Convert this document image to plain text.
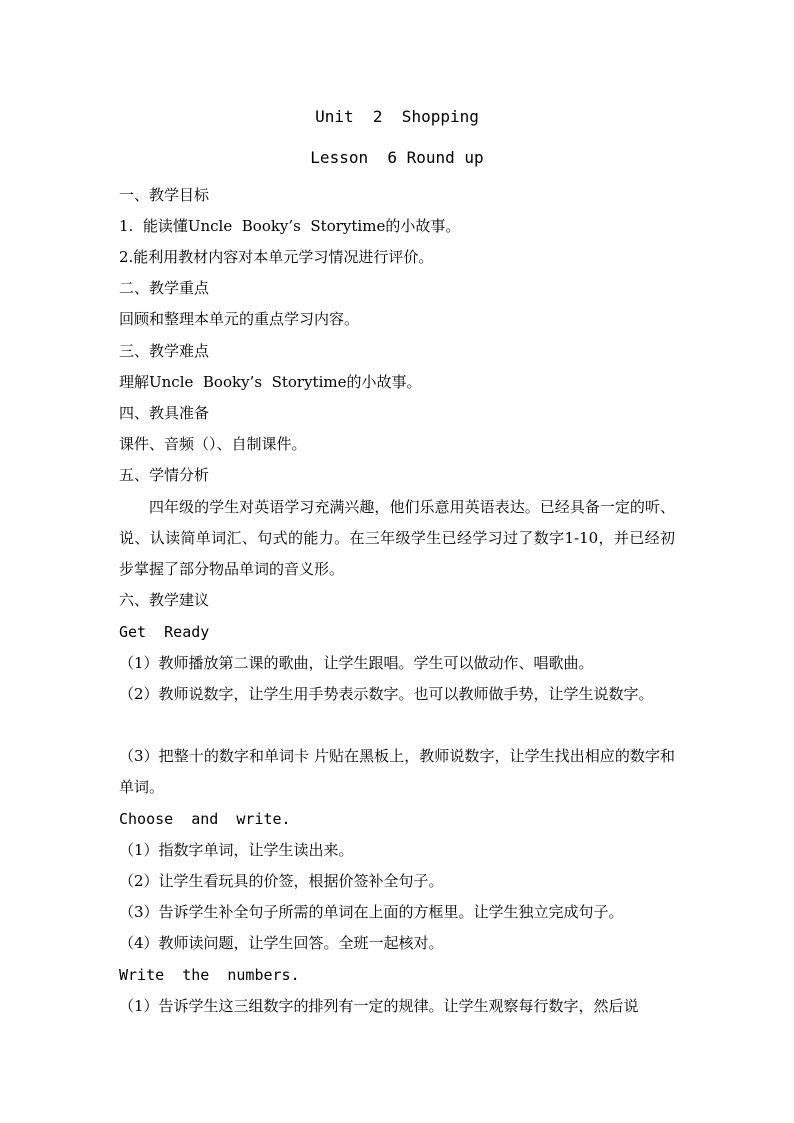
Unit  2  Shopping
Lesson  6 Round up
一、教学目标
1.  能读懂Uncle  Booky’s  Storytime的小故事。
2.能利用教材内容对本单元学习情况进行评价。
二、教学重点
回顾和整理本单元的重点学习内容。
三、教学难点
理解Uncle  Booky’s  Storytime的小故事。
四、教具准备
课件、音频（）、自制课件。
五、学情分析
四年级的学生对英语学习充满兴趣，他们乐意用英语表达。已经具备一定的听、说、认读简单词汇、句式的能力。在三年级学生已经学习过了数字1-10，并已经初步掌握了部分物品单词的音义形。
六、教学建议
Get  Ready
（1）教师播放第二课的歌曲，让学生跟唱。学生可以做动作、唱歌曲。
（2）教师说数字，让学生用手势表示数字。也可以教师做手势，让学生说数字。
（3）把整十的数字和单词卡 片贴在黑板上，教师说数字，让学生找出相应的数字和单词。
Choose  and  write.
（1）指数字单词，让学生读出来。
（2）让学生看玩具的价签，根据价签补全句子。
（3）告诉学生补全句子所需的单词在上面的方框里。让学生独立完成句子。
（4）教师读问题，让学生回答。全班一起核对。
Write  the  numbers.
（1）告诉学生这三组数字的排列有一定的规律。让学生观察每行数字，然后说
